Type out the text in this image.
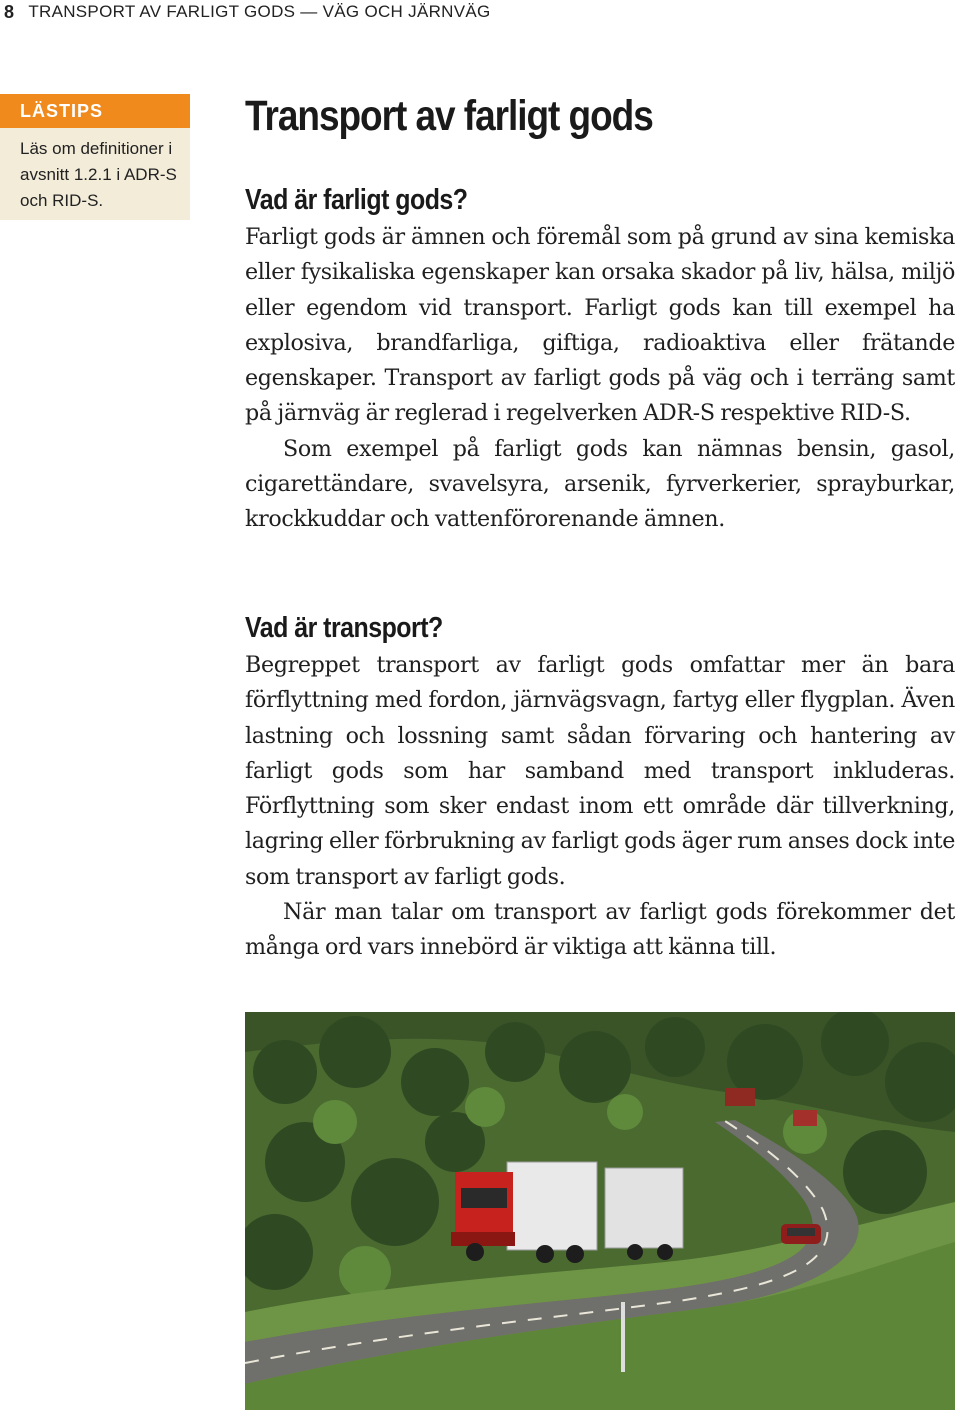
8 TRANSPORT AV FARLIGT GODS — VÄG OCH JÄRNVÄG
LÄSTIPS
Läs om definitioner i avsnitt 1.2.1 i ADR-S och RID-S.
Transport av farligt gods
Vad är farligt gods?

Farligt gods är ämnen och föremål som på grund av sina kemiska eller fysikaliska egenskaper kan orsaka skador på liv, hälsa, miljö eller egendom vid transport. Farligt gods kan till exempel ha explosiva, brandfarliga, giftiga, radioaktiva eller frätande egenskaper. Transport av farligt gods på väg och i terräng samt på järnväg är reglerad i regelverken ADR-S respektive RID-S.

Som exempel på farligt gods kan nämnas bensin, gasol, cigarettändare, svavelsyra, arsenik, fyrverkerier, sprayburkar, krockkuddar och vattenförorenande ämnen.

Vad är transport?

Begreppet transport av farligt gods omfattar mer än bara förflyttning med fordon, järnvägsvagn, fartyg eller flygplan. Även lastning och lossning samt sådan förvaring och hantering av farligt gods som har samband med transport inkluderas. Förflyttning som sker endast inom ett område där tillverkning, lagring eller förbrukning av farligt gods äger rum anses dock inte som transport av farligt gods.

När man talar om transport av farligt gods förekommer det många ord vars innebörd är viktiga att känna till.
